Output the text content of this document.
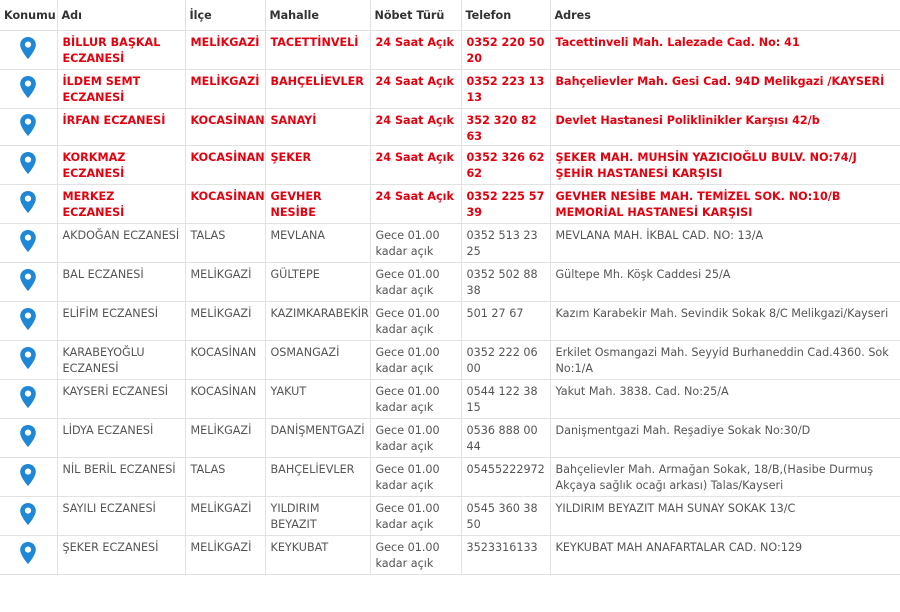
Konumu	Adı	İlçe	Mahalle	Nöbet Türü	Telefon	Adres
	BİLLUR BAŞKAL ECZANESİ	MELİKGAZİ	TACETTİNVELİ	24 Saat Açık	0352 220 50 20	Tacettinveli Mah. Lalezade Cad. No: 41
	İLDEM SEMT ECZANESİ	MELİKGAZİ	BAHÇELİEVLER	24 Saat Açık	0352 223 13 13	Bahçelievler Mah. Gesi Cad. 94D Melikgazi /KAYSERİ
	İRFAN ECZANESİ	KOCASİNAN	SANAYİ	24 Saat Açık	352 320 82 63	Devlet Hastanesi Poliklinikler Karşısı 42/b
	KORKMAZ ECZANESİ	KOCASİNAN	ŞEKER	24 Saat Açık	0352 326 62 62	ŞEKER MAH. MUHSİN YAZICIOĞLU BULV. NO:74/J ŞEHİR HASTANESİ KARŞISI
	MERKEZ ECZANESİ	KOCASİNAN	GEVHER NESİBE	24 Saat Açık	0352 225 57 39	GEVHER NESİBE MAH. TEMİZEL SOK. NO:10/B MEMORİAL HASTANESİ KARŞISI
	AKDOĞAN ECZANESİ	TALAS	MEVLANA	Gece 01.00 kadar açık	0352 513 23 25	MEVLANA MAH. İKBAL CAD. NO: 13/A
	BAL ECZANESİ	MELİKGAZİ	GÜLTEPE	Gece 01.00 kadar açık	0352 502 88 38	Gültepe Mh. Köşk Caddesi 25/A
	ELİFİM ECZANESİ	MELİKGAZİ	KAZIMKARABEKİR	Gece 01.00 kadar açık	501 27 67	Kazım Karabekir Mah. Sevindik Sokak 8/C Melikgazi/Kayseri
	KARABEYOĞLU ECZANESİ	KOCASİNAN	OSMANGAZİ	Gece 01.00 kadar açık	0352 222 06 00	Erkilet Osmangazi Mah. Seyyid Burhaneddin Cad.4360. Sok No:1/A
	KAYSERİ ECZANESİ	KOCASİNAN	YAKUT	Gece 01.00 kadar açık	0544 122 38 15	Yakut Mah. 3838. Cad. No:25/A
	LİDYA ECZANESİ	MELİKGAZİ	DANİŞMENTGAZİ	Gece 01.00 kadar açık	0536 888 00 44	Danişmentgazi Mah. Reşadiye Sokak No:30/D
	NİL BERİL ECZANESİ	TALAS	BAHÇELİEVLER	Gece 01.00 kadar açık	05455222972	Bahçelievler Mah. Armağan Sokak, 18/B,(Hasibe Durmuş Akçaya sağlık ocağı arkası) Talas/Kayseri
	SAYILI ECZANESİ	MELİKGAZİ	YILDIRIM BEYAZIT	Gece 01.00 kadar açık	0545 360 38 50	YILDIRIM BEYAZIT MAH SUNAY SOKAK 13/C
	ŞEKER ECZANESİ	MELİKGAZİ	KEYKUBAT	Gece 01.00 kadar açık	3523316133	KEYKUBAT MAH ANAFARTALAR CAD. NO:129
